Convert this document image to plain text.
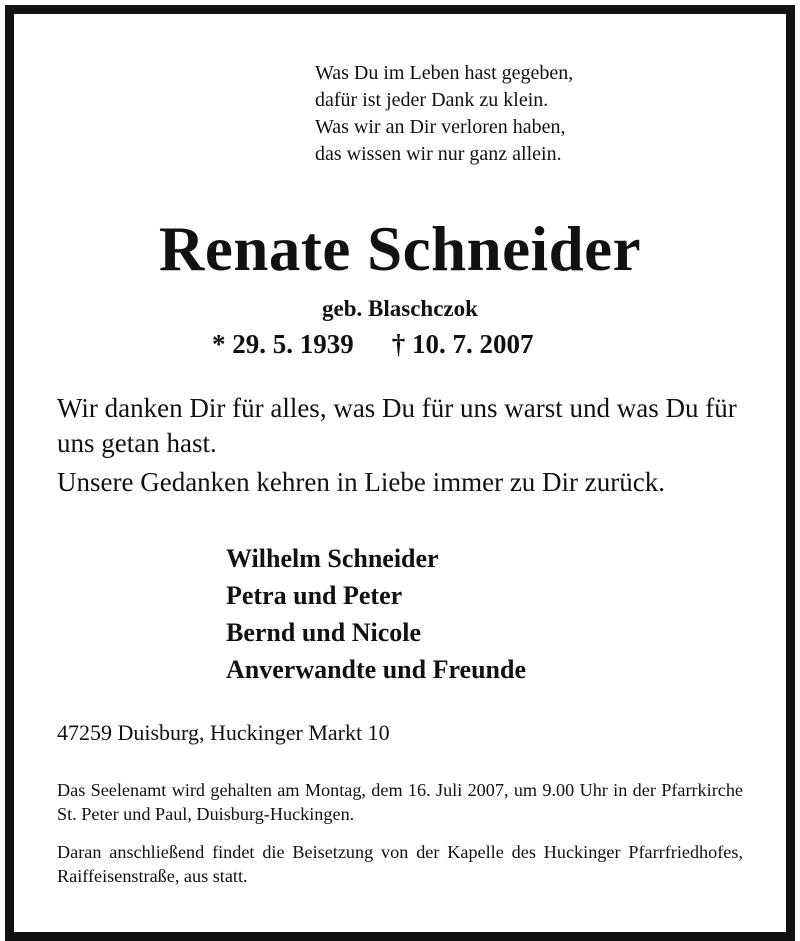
Was Du im Leben hast gegeben,
dafür ist jeder Dank zu klein.
Was wir an Dir verloren haben,
das wissen wir nur ganz allein.
Renate Schneider
geb. Blaschczok
* 29. 5. 1939 † 10. 7. 2007

Wir danken Dir für alles, was Du für uns warst und was Du für uns getan hast.

Unsere Gedanken kehren in Liebe immer zu Dir zurück.

Wilhelm Schneider
Petra und Peter
Bernd und Nicole
Anverwandte und Freunde
47259 Duisburg, Huckinger Markt 10

Das Seelenamt wird gehalten am Montag, dem 16. Juli 2007, um 9.00 Uhr in der Pfarrkirche St. Peter und Paul, Duisburg-Huckingen.

Daran anschließend findet die Beisetzung von der Kapelle des Huckinger Pfarrfriedhofes, Raiffeisenstraße, aus statt.
